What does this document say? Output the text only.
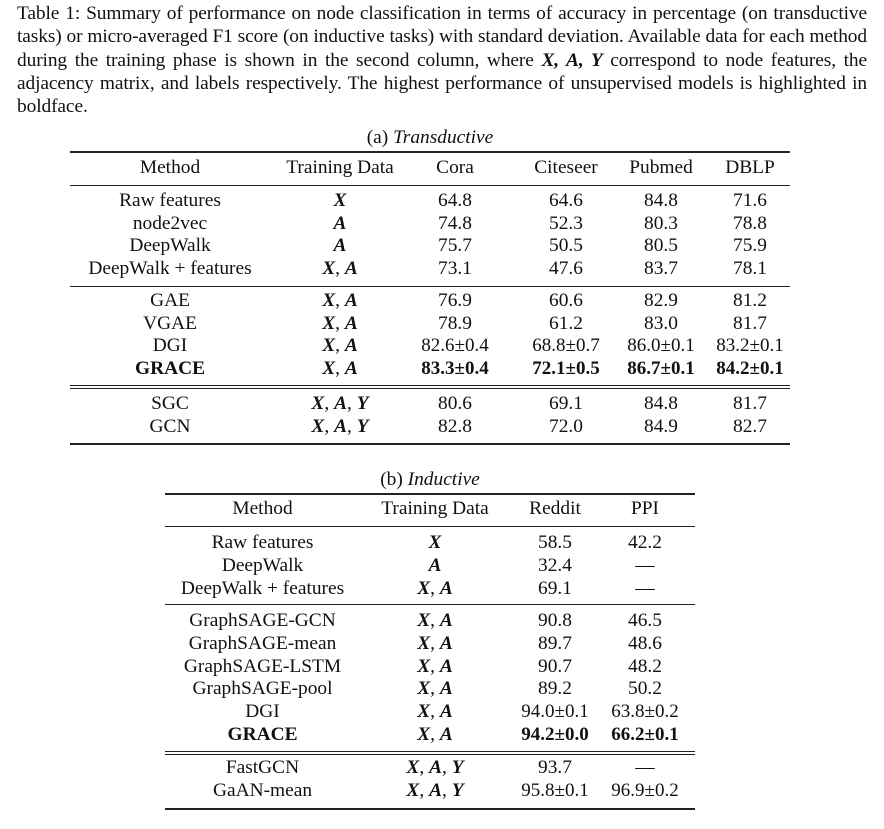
Table 1: Summary of performance on node classification in terms of accuracy in percentage (on transductive tasks) or micro-averaged F1 score (on inductive tasks) with standard deviation. Available data for each method during the training phase is shown in the second column, where X, A, Y correspond to node features, the adjacency matrix, and labels respectively. The highest performance of unsupervised models is highlighted in boldface.
(a) Transductive
Method	Training Data	Cora	Citeseer	Pubmed	DBLP
Raw features	X	64.8	64.6	84.8	71.6
node2vec	A	74.8	52.3	80.3	78.8
DeepWalk	A	75.7	50.5	80.5	75.9
DeepWalk + features	X, A	73.1	47.6	83.7	78.1
GAE	X, A	76.9	60.6	82.9	81.2
VGAE	X, A	78.9	61.2	83.0	81.7
DGI	X, A	82.6±0.4	68.8±0.7	86.0±0.1	83.2±0.1
GRACE	X, A	83.3±0.4	72.1±0.5	86.7±0.1	84.2±0.1
SGC	X, A, Y	80.6	69.1	84.8	81.7
GCN	X, A, Y	82.8	72.0	84.9	82.7
(b) Inductive
Method	Training Data	Reddit	PPI
Raw features	X	58.5	42.2
DeepWalk	A	32.4	—
DeepWalk + features	X, A	69.1	—
GraphSAGE-GCN	X, A	90.8	46.5
GraphSAGE-mean	X, A	89.7	48.6
GraphSAGE-LSTM	X, A	90.7	48.2
GraphSAGE-pool	X, A	89.2	50.2
DGI	X, A	94.0±0.1	63.8±0.2
GRACE	X, A	94.2±0.0	66.2±0.1
FastGCN	X, A, Y	93.7	—
GaAN-mean	X, A, Y	95.8±0.1	96.9±0.2
